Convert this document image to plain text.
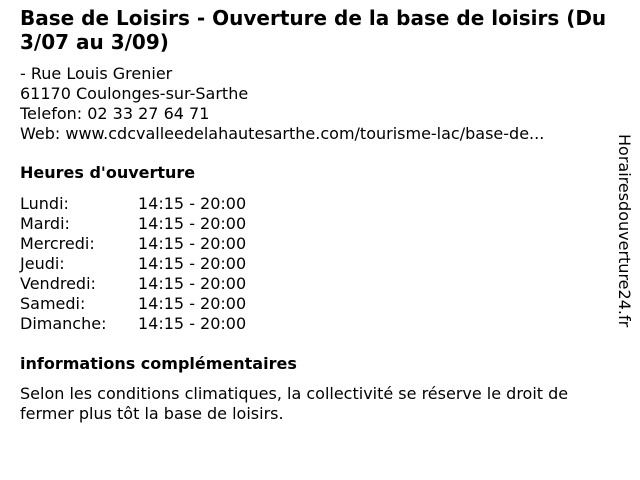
Base de Loisirs - Ouverture de la base de loisirs (Du 3/07 au 3/09)
- Rue Louis Grenier
61170 Coulonges-sur-Sarthe
Telefon: 02 33 27 64 71
Web: www.cdcvalleedelahautesarthe.com/tourisme-lac/base-de...
Heures d'ouverture
Lundi:	14:15 - 20:00
Mardi:	14:15 - 20:00
Mercredi:	14:15 - 20:00
Jeudi:	14:15 - 20:00
Vendredi:	14:15 - 20:00
Samedi:	14:15 - 20:00
Dimanche:	14:15 - 20:00
informations complémentaires
Selon les conditions climatiques, la collectivité se réserve le droit de fermer plus tôt la base de loisirs.
Horairesdouverture24.fr
